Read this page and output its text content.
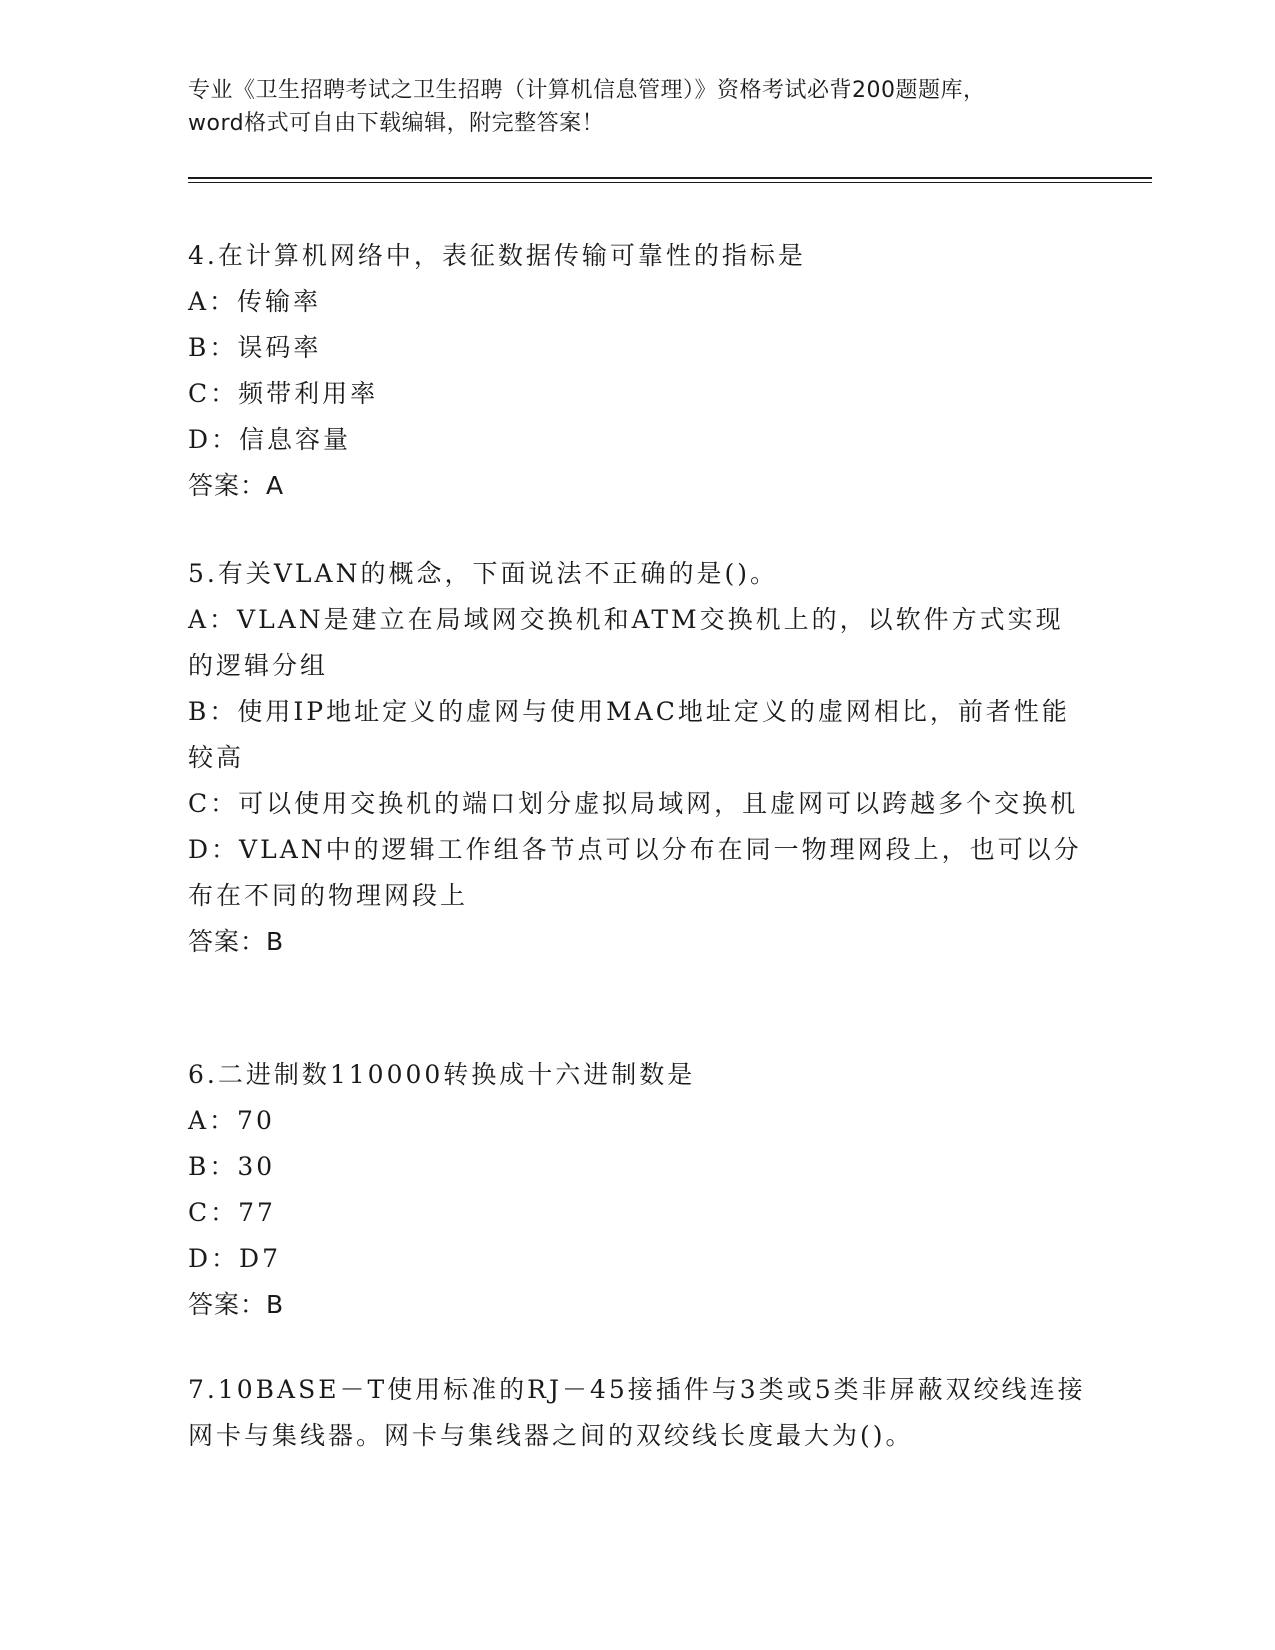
专业《卫生招聘考试之卫生招聘（计算机信息管理）》资格考试必背200题题库，
word格式可自由下载编辑，附完整答案！
4.在计算机网络中，表征数据传输可靠性的指标是
A：传输率
B：误码率
C：频带利用率
D：信息容量
答案：A
5.有关VLAN的概念，下面说法不正确的是()。
A：VLAN是建立在局域网交换机和ATM交换机上的，以软件方式实现的逻辑分组
B：使用IP地址定义的虚网与使用MAC地址定义的虚网相比，前者性能较高
C：可以使用交换机的端口划分虚拟局域网，且虚网可以跨越多个交换机
D：VLAN中的逻辑工作组各节点可以分布在同一物理网段上，也可以分布在不同的物理网段上
答案：B
6.二进制数110000转换成十六进制数是
A：70
B：30
C：77
D：D7
答案：B
7.10BASE－T使用标准的RJ－45接插件与3类或5类非屏蔽双绞线连接网卡与集线器。网卡与集线器之间的双绞线长度最大为()。
